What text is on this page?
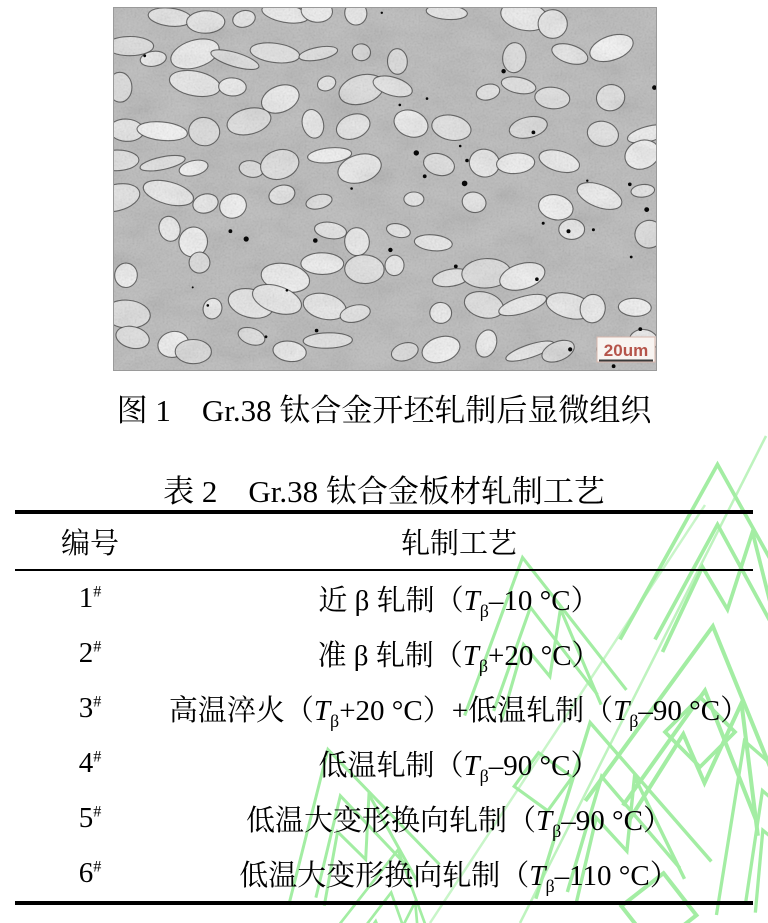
20um
图 1　Gr.38 钛合金开坯轧制后显微组织
表 2　Gr.38 钛合金板材轧制工艺
编号	轧制工艺
1#	近 β 轧制（$T_\beta-10$ °C）
2#	准 β 轧制（$T_\beta+20$ °C）
3#	高温淬火（$T_\beta+20$ °C）+低温轧制（$T_\beta-90$ °C）
4#	低温轧制（$T_\beta-90$ °C）
5#	低温大变形换向轧制（$T_\beta-90$ °C）
6#	低温大变形换向轧制（$T_\beta-110$ °C）
